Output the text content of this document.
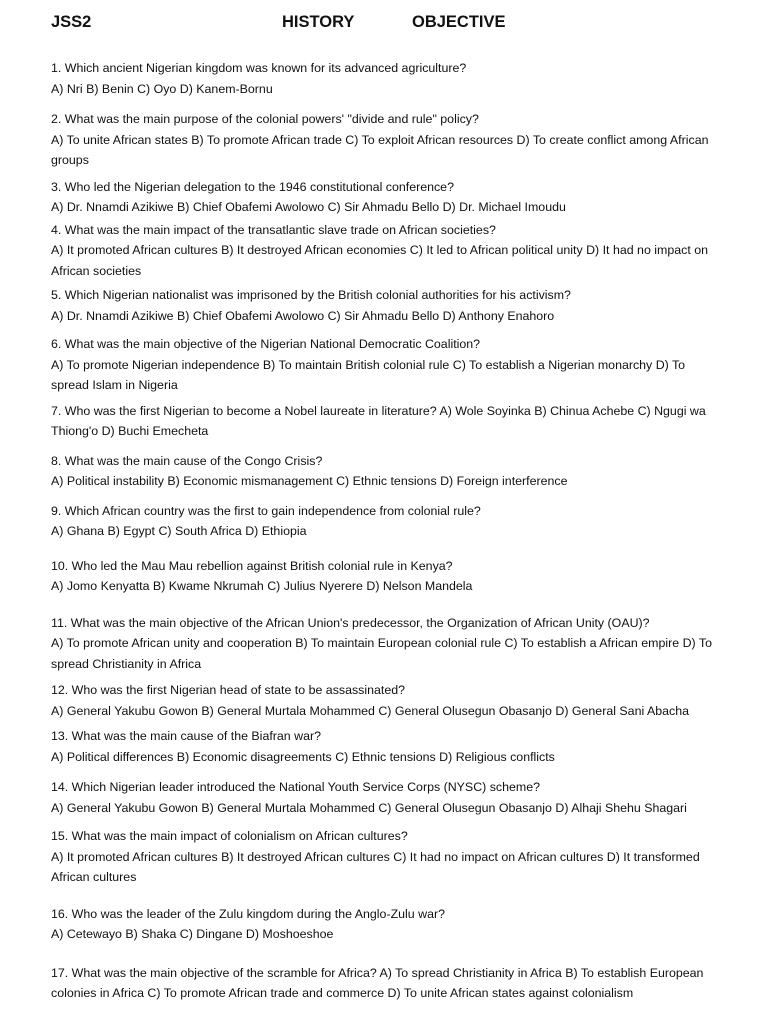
JSS2	HISTORY	OBJECTIVE

1. Which ancient Nigerian kingdom was known for its advanced agriculture?

A) Nri B) Benin C) Oyo D) Kanem-Bornu

2. What was the main purpose of the colonial powers' "divide and rule" policy?

A) To unite African states B) To promote African trade C) To exploit African resources D) To create conflict among African groups

3. Who led the Nigerian delegation to the 1946 constitutional conference?

A) Dr. Nnamdi Azikiwe B) Chief Obafemi Awolowo C) Sir Ahmadu Bello D) Dr. Michael Imoudu

4. What was the main impact of the transatlantic slave trade on African societies?

A) It promoted African cultures B) It destroyed African economies C) It led to African political unity D) It had no impact on African societies

5. Which Nigerian nationalist was imprisoned by the British colonial authorities for his activism?

A) Dr. Nnamdi Azikiwe B) Chief Obafemi Awolowo C) Sir Ahmadu Bello D) Anthony Enahoro

6. What was the main objective of the Nigerian National Democratic Coalition?

A) To promote Nigerian independence B) To maintain British colonial rule C) To establish a Nigerian monarchy D) To spread Islam in Nigeria

7. Who was the first Nigerian to become a Nobel laureate in literature? A) Wole Soyinka B) Chinua Achebe C) Ngugi wa Thiong'o D) Buchi Emecheta

8. What was the main cause of the Congo Crisis?

A) Political instability B) Economic mismanagement C) Ethnic tensions D) Foreign interference

9. Which African country was the first to gain independence from colonial rule?

A) Ghana B) Egypt C) South Africa D) Ethiopia

10. Who led the Mau Mau rebellion against British colonial rule in Kenya?

A) Jomo Kenyatta B) Kwame Nkrumah C) Julius Nyerere D) Nelson Mandela

11. What was the main objective of the African Union's predecessor, the Organization of African Unity (OAU)?

A) To promote African unity and cooperation B) To maintain European colonial rule C) To establish a African empire D) To spread Christianity in Africa

12. Who was the first Nigerian head of state to be assassinated?

A) General Yakubu Gowon B) General Murtala Mohammed C) General Olusegun Obasanjo D) General Sani Abacha

13. What was the main cause of the Biafran war?

A) Political differences B) Economic disagreements C) Ethnic tensions D) Religious conflicts

14. Which Nigerian leader introduced the National Youth Service Corps (NYSC) scheme?

A) General Yakubu Gowon B) General Murtala Mohammed C) General Olusegun Obasanjo D) Alhaji Shehu Shagari

15. What was the main impact of colonialism on African cultures?

A) It promoted African cultures B) It destroyed African cultures C) It had no impact on African cultures D) It transformed African cultures

16. Who was the leader of the Zulu kingdom during the Anglo-Zulu war?

A) Cetewayo B) Shaka C) Dingane D) Moshoeshoe

17. What was the main objective of the scramble for Africa? A) To spread Christianity in Africa B) To establish European colonies in Africa C) To promote African trade and commerce D) To unite African states against colonialism
